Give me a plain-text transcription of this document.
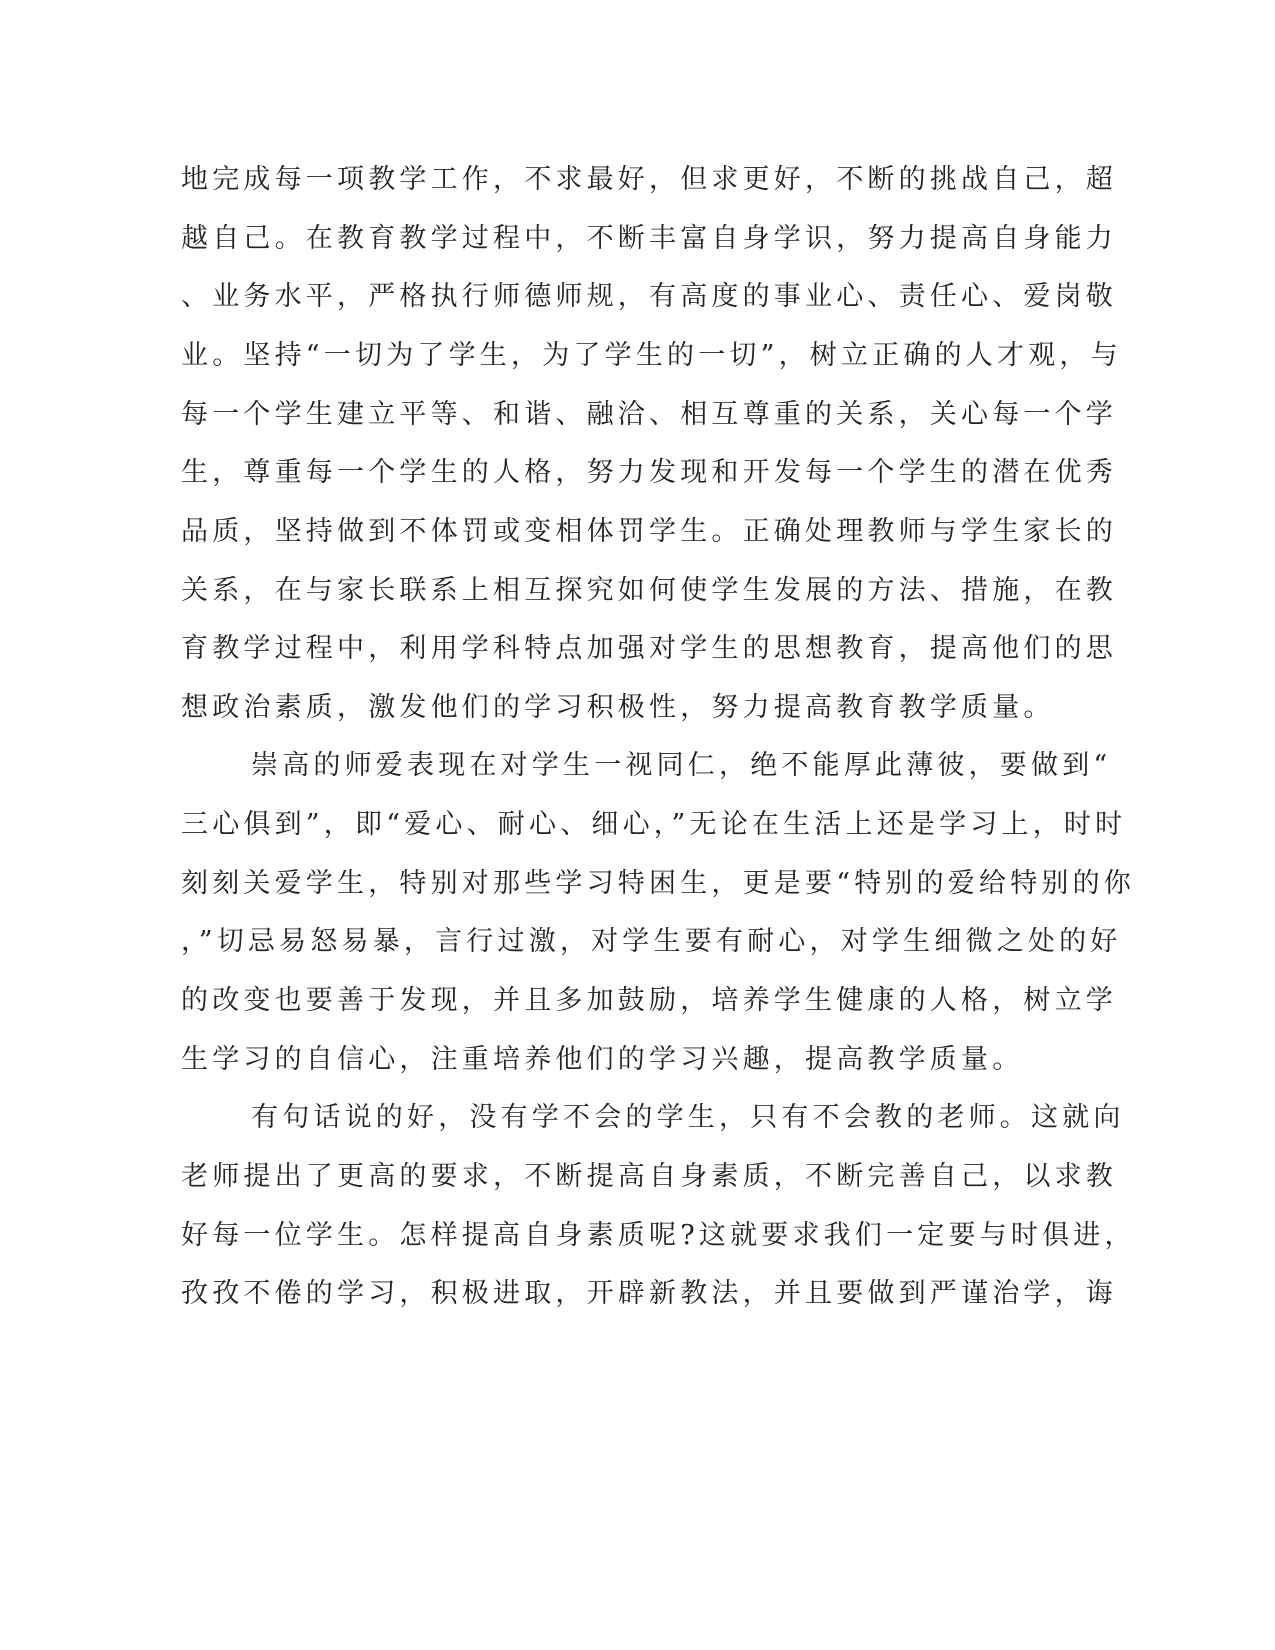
地完成每一项教学工作，不求最好，但求更好，不断的挑战自己，超
越自己。在教育教学过程中，不断丰富自身学识，努力提高自身能力
、业务水平，严格执行师德师规，有高度的事业心、责任心、爱岗敬
业。坚持“一切为了学生，为了学生的一切”，树立正确的人才观，与
每一个学生建立平等、和谐、融洽、相互尊重的关系，关心每一个学
生，尊重每一个学生的人格，努力发现和开发每一个学生的潜在优秀
品质，坚持做到不体罚或变相体罚学生。正确处理教师与学生家长的
关系，在与家长联系上相互探究如何使学生发展的方法、措施，在教
育教学过程中，利用学科特点加强对学生的思想教育，提高他们的思
想政治素质，激发他们的学习积极性，努力提高教育教学质量。
崇高的师爱表现在对学生一视同仁，绝不能厚此薄彼，要做到“
三心俱到”，即“爱心、耐心、细心，”无论在生活上还是学习上，时时
刻刻关爱学生，特别对那些学习特困生，更是要“特别的爱给特别的你
，”切忌易怒易暴，言行过激，对学生要有耐心，对学生细微之处的好
的改变也要善于发现，并且多加鼓励，培养学生健康的人格，树立学
生学习的自信心，注重培养他们的学习兴趣，提高教学质量。
有句话说的好，没有学不会的学生，只有不会教的老师。这就向
老师提出了更高的要求，不断提高自身素质，不断完善自己，以求教
好每一位学生。怎样提高自身素质呢?这就要求我们一定要与时俱进，
孜孜不倦的学习，积极进取，开辟新教法，并且要做到严谨治学，诲
